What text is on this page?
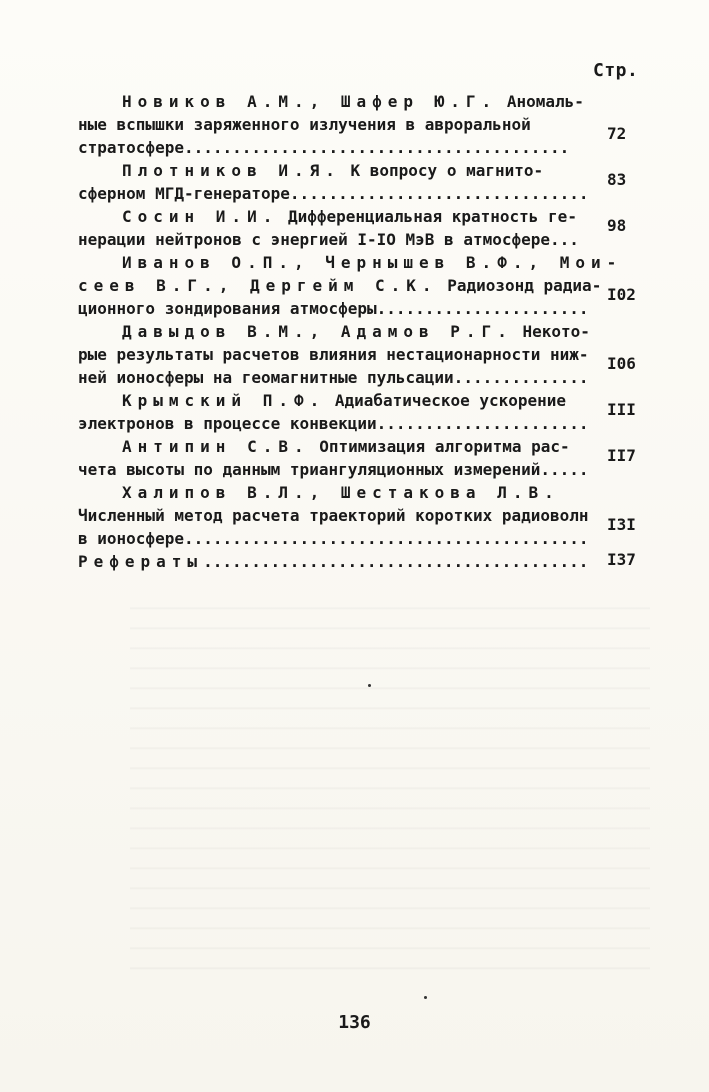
Стр.
Новиков А.М., Шафер Ю.Г. Аномаль-
ные вспышки заряженного излучения в авроральной
стратосфере........................................
72
Плотников И.Я. К вопросу о магнито-
сферном МГД-генераторе...............................
83
Сосин И.И. Дифференциальная кратность ге-
нерации нейтронов с энергией I-IO МэВ в атмосфере...
98
Иванов О.П., Чернышев В.Ф., Мои-
сеев В.Г., Дергейм С.К. Радиозонд радиа-
ционного зондирования атмосферы......................
I02
Давыдов В.М., Адамов Р.Г. Некото-
рые результаты расчетов влияния нестационарности ниж-
ней ионосферы на геомагнитные пульсации..............
I06
Крымский П.Ф. Адиабатическое ускорение
электронов в процессе конвекции......................
III
Антипин С.В. Оптимизация алгоритма рас-
чета высоты по данным триангуляционных измерений.....
II7
Халипов В.Л., Шестакова Л.В.
Численный метод расчета траекторий коротких радиоволн
в ионосфере..........................................
I3I
Рефераты........................................ I37
136
